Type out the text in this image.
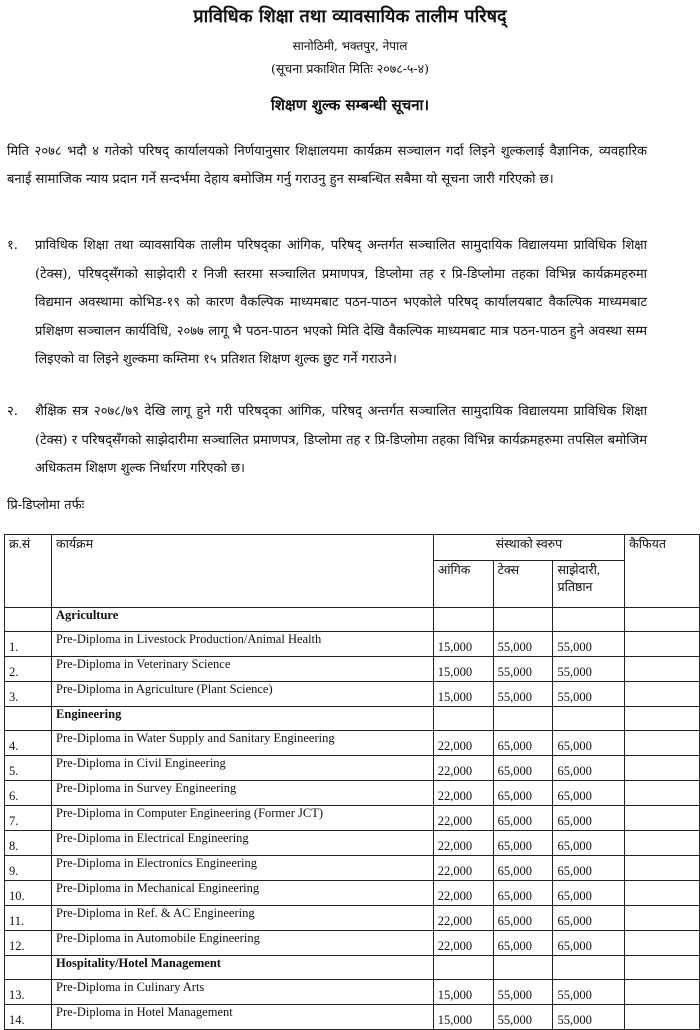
प्राविधिक शिक्षा तथा व्यावसायिक तालीम परिषद्
सानोठिमी, भक्तपुर, नेपाल
(सूचना प्रकाशित मितिः २०७८-५-४)
शिक्षण शुल्क सम्बन्धी सूचना।
मिति २०७८ भदौ ४ गतेको परिषद् कार्यालयको निर्णयानुसार शिक्षालयमा कार्यक्रम सञ्चालन गर्दा लिइने शुल्कलाई वैज्ञानिक, व्यवहारिक बनाई सामाजिक न्याय प्रदान गर्ने सन्दर्भमा देहाय बमोजिम गर्नु गराउनु हुन सम्बन्धित सबैमा यो सूचना जारी गरिएको छ।
१. प्राविधिक शिक्षा तथा व्यावसायिक तालीम परिषद्का आंगिक, परिषद् अन्तर्गत सञ्चालित सामुदायिक विद्यालयमा प्राविधिक शिक्षा (टेक्स), परिषद्सँगको साझेदारी र निजी स्तरमा सञ्चालित प्रमाणपत्र, डिप्लोमा तह र प्रि-डिप्लोमा तहका विभिन्न कार्यक्रमहरुमा विद्यमान अवस्थामा कोभिड-१९ को कारण वैकल्पिक माध्यमबाट पठन-पाठन भएकोले परिषद् कार्यालयबाट वैकल्पिक माध्यमबाट प्रशिक्षण सञ्चालन कार्यविधि, २०७७ लागू भै पठन-पाठन भएको मिति देखि वैकल्पिक माध्यमबाट मात्र पठन-पाठन हुने अवस्था सम्म लिइएको वा लिइने शुल्कमा कम्तिमा १५ प्रतिशत शिक्षण शुल्क छुट गर्ने गराउने।
२. शैक्षिक सत्र २०७८/७९ देखि लागू हुने गरी परिषद्का आंगिक, परिषद् अन्तर्गत सञ्चालित सामुदायिक विद्यालयमा प्राविधिक शिक्षा (टेक्स) र परिषद्सँगको साझेदारीमा सञ्चालित प्रमाणपत्र, डिप्लोमा तह र प्रि-डिप्लोमा तहका विभिन्न कार्यक्रमहरुमा तपसिल बमोजिम अधिकतम शिक्षण शुल्क निर्धारण गरिएको छ।
प्रि-डिप्लोमा तर्फः
क्र.सं	कार्यक्रम	संस्थाको स्वरुप			कैफियत
		आंगिक	टेक्स	साझेदारी, प्रतिष्ठान	
	Agriculture				
1.	Pre-Diploma in Livestock Production/Animal Health	15,000	55,000	55,000	
2.	Pre-Diploma in Veterinary Science	15,000	55,000	55,000	
3.	Pre-Diploma in Agriculture (Plant Science)	15,000	55,000	55,000	
	Engineering				
4.	Pre-Diploma in Water Supply and Sanitary Engineering	22,000	65,000	65,000	
5.	Pre-Diploma in Civil Engineering	22,000	65,000	65,000	
6.	Pre-Diploma in Survey Engineering	22,000	65,000	65,000	
7.	Pre-Diploma in Computer Engineering (Former JCT)	22,000	65,000	65,000	
8.	Pre-Diploma in Electrical Engineering	22,000	65,000	65,000	
9.	Pre-Diploma in Electronics Engineering	22,000	65,000	65,000	
10.	Pre-Diploma in Mechanical Engineering	22,000	65,000	65,000	
11.	Pre-Diploma in Ref. & AC Engineering	22,000	65,000	65,000	
12.	Pre-Diploma in Automobile Engineering	22,000	65,000	65,000	
	Hospitality/Hotel Management				
13.	Pre-Diploma in Culinary Arts	15,000	55,000	55,000	
14.	Pre-Diploma in Hotel Management	15,000	55,000	55,000	
